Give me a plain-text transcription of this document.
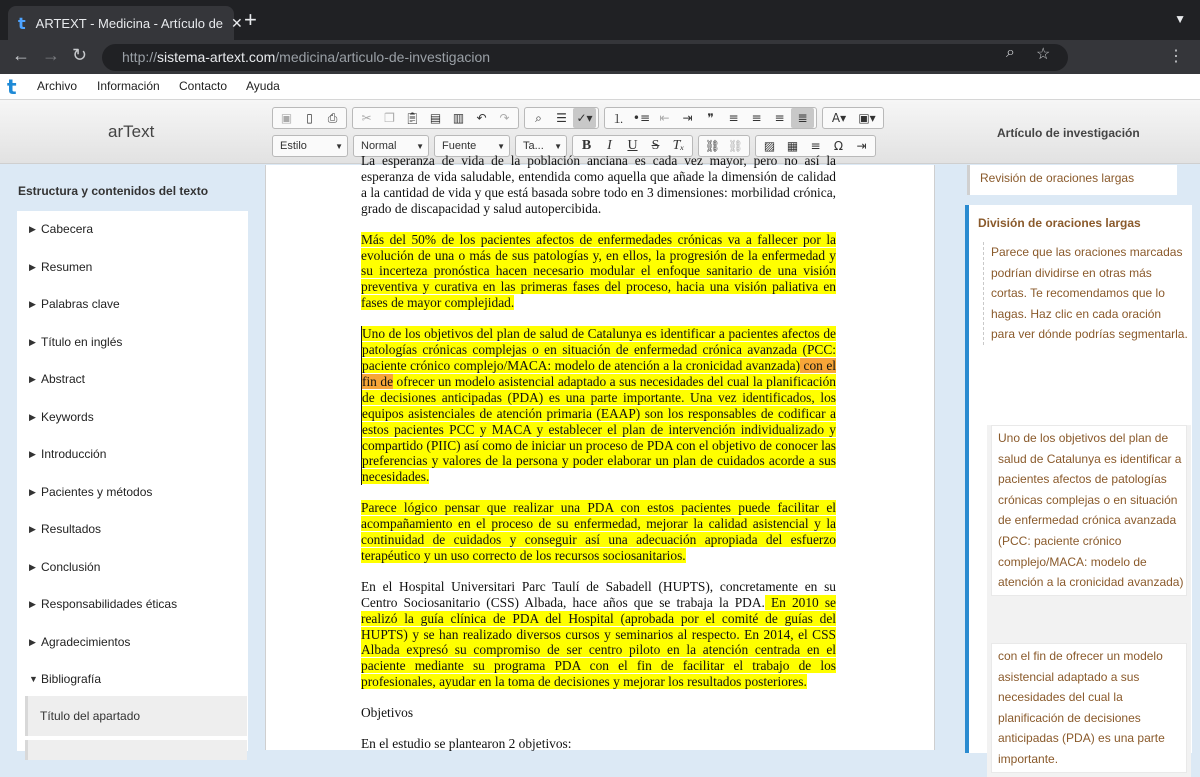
t ARTEXT - Medicina - Artículo de ✕ +	▼
← → ↻	http://sistema-artext.com/medicina/articulo-de-investigacion	⌕ ☆	⋮
t Archivo Información Contacto Ayuda
arText	Artículo de investigación
▣	▯	⎙	✂	❐ 📋︎ ▤ ▥	↶	↷	⌕	☰ ✓▾	⒈ •≡ ⇤	⇥	❞	≡	≡	≡	≣	A▾	▣▾
Estilo	▼ Normal ▼ Fuente	▼ Ta... ▼	B	I	U	S Tₓ	⛓ ⛓	▨ ▦	≡	Ω	⇥
Estructura y contenidos del texto
▶ Cabecera
▶ Resumen
▶ Palabras clave
▶ Título en inglés
▶ Abstract
▶ Keywords
▶ Introducción
▶ Pacientes y métodos
▶ Resultados
▶ Conclusión
▶ Responsabilidades éticas
▶ Agradecimientos
▼ Bibliografía
Título del apartado

La esperanza de vida de la población anciana es cada vez mayor, pero no así la esperanza de vida saludable, entendida como aquella que añade la dimensión de calidad a la cantidad de vida y que está basada sobre todo en 3 dimensiones: morbilidad crónica, grado de discapacidad y salud autopercibida.

Más del 50% de los pacientes afectos de enfermedades crónicas va a fallecer por la evolución de una o más de sus patologías y, en ellos, la progresión de la enfermedad y su incerteza pronóstica hacen necesario modular el enfoque sanitario de una visión preventiva y curativa en las primeras fases del proceso, hacia una visión paliativa en fases de mayor complejidad.

Uno de los objetivos del plan de salud de Catalunya es identificar a pacientes afectos de patologías crónicas complejas o en situación de enfermedad crónica avanzada (PCC: paciente crónico complejo/MACA: modelo de atención a la cronicidad avanzada) con el fin de ofrecer un modelo asistencial adaptado a sus necesidades del cual la planificación de decisiones anticipadas (PDA) es una parte importante. Una vez identificados, los equipos asistenciales de atención primaria (EAAP) son los responsables de codificar a estos pacientes PCC y MACA y establecer el plan de intervención individualizado y compartido (PIIC) así como de iniciar un proceso de PDA con el objetivo de conocer las preferencias y valores de la persona y poder elaborar un plan de cuidados acorde a sus necesidades.

Parece lógico pensar que realizar una PDA con estos pacientes puede facilitar el acompañamiento en el proceso de su enfermedad, mejorar la calidad asistencial y la continuidad de cuidados y conseguir así una adecuación apropiada del esfuerzo terapéutico y un uso correcto de los recursos sociosanitarios.

En el Hospital Universitari Parc Taulí de Sabadell (HUPTS), concretamente en su Centro Sociosanitario (CSS) Albada, hace años que se trabaja la PDA. En 2010 se realizó la guía clínica de PDA del Hospital (aprobada por el comité de guías del HUPTS) y se han realizado diversos cursos y seminarios al respecto. En 2014, el CSS Albada expresó su compromiso de ser centro piloto en la atención centrada en el paciente mediante su programa PDA con el fin de facilitar el trabajo de los profesionales, ayudar en la toma de decisiones y mejorar los resultados posteriores.

Objetivos

En el estudio se plantearon 2 objetivos:

Revisión de oraciones largas
División de oraciones largas
Parece que las oraciones marcadas podrían dividirse en otras más cortas. Te recomendamos que lo hagas. Haz clic en cada oración para ver dónde podrías segmentarla.
Uno de los objetivos del plan de salud de Catalunya es identificar a pacientes afectos de patologías crónicas complejas o en situación de enfermedad crónica avanzada (PCC: paciente crónico complejo/MACA: modelo de atención a la cronicidad avanzada)
con el fin de ofrecer un modelo asistencial adaptado a sus necesidades del cual la planificación de decisiones anticipadas (PDA) es una parte importante.
